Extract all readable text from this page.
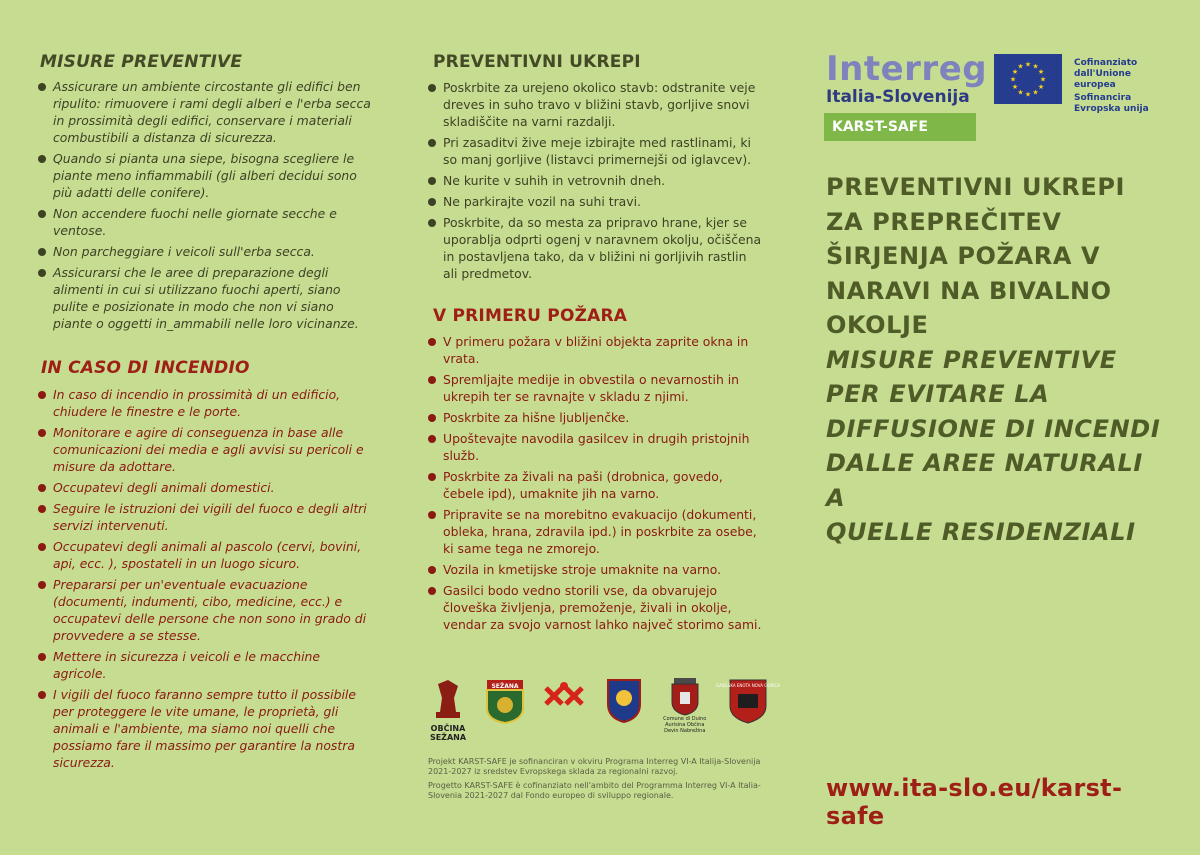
MISURE PREVENTIVE
Assicurare un ambiente circostante gli edifici ben ripulito: rimuovere i rami degli alberi e l'erba secca in prossimità degli edifici, conservare i materiali combustibili a distanza di sicurezza.
Quando si pianta una siepe, bisogna scegliere le piante meno infiammabili (gli alberi decidui sono più adatti delle conifere).
Non accendere fuochi nelle giornate secche e ventose.
Non parcheggiare i veicoli sull'erba secca.
Assicurarsi che le aree di preparazione degli alimenti in cui si utilizzano fuochi aperti, siano pulite e posizionate in modo che non vi siano piante o oggetti in_ammabili nelle loro vicinanze.
IN CASO DI INCENDIO
In caso di incendio in prossimità di un edificio, chiudere le finestre e le porte.
Monitorare e agire di conseguenza in base alle comunicazioni dei media e agli avvisi su pericoli e misure da adottare.
Occupatevi degli animali domestici.
Seguire le istruzioni dei vigili del fuoco e degli altri servizi intervenuti.
Occupatevi degli animali al pascolo (cervi, bovini, api, ecc. ), spostateli in un luogo sicuro.
Prepararsi per un'eventuale evacuazione (documenti, indumenti, cibo, medicine, ecc.) e occupatevi delle persone che non sono in grado di provvedere a se stesse.
Mettere in sicurezza i veicoli e le macchine agricole.
I vigili del fuoco faranno sempre tutto il possibile per proteggere le vite umane, le proprietà, gli animali e l'ambiente, ma siamo noi quelli che possiamo fare il massimo per garantire la nostra sicurezza.
PREVENTIVNI UKREPI
Poskrbite za urejeno okolico stavb: odstranite veje dreves in suho travo v bližini stavb, gorljive snovi skladiščite na varni razdalji.
Pri zasaditvi žive meje izbirajte med rastlinami, ki so manj gorljive (listavci primernejši od iglavcev).
Ne kurite v suhih in vetrovnih dneh.
Ne parkirajte vozil na suhi travi.
Poskrbite, da so mesta za pripravo hrane, kjer se uporablja odprti ogenj v naravnem okolju, očiščena in postavljena tako, da v bližini ni gorljivih rastlin ali predmetov.
V PRIMERU POŽARA
V primeru požara v bližini objekta zaprite okna in vrata.
Spremljajte medije in obvestila o nevarnostih in ukrepih ter se ravnajte v skladu z njimi.
Poskrbite za hišne ljubljenčke.
Upoštevajte navodila gasilcev in drugih pristojnih služb.
Poskrbite za živali na paši (drobnica, govedo, čebele ipd), umaknite jih na varno.
Pripravite se na morebitno evakuacijo (dokumenti, obleka, hrana, zdravila ipd.) in poskrbite za osebe, ki same tega ne zmorejo.
Vozila in kmetijske stroje umaknite na varno.
Gasilci bodo vedno storili vse, da obvarujejo človeška življenja, premoženje, živali in okolje, vendar za svojo varnost lahko največ storimo sami.
OBČINA SEŽANA
SEŽANA
Comune di Duino Aurisina Občina Devin Nabrežina
GASILSKA ENOTA NOVA GORICA

Projekt KARST-SAFE je sofinanciran v okviru Programa Interreg VI-A Italija-Slovenija 2021-2027 iz sredstev Evropskega sklada za regionalni razvoj.

Progetto KARST-SAFE è cofinanziato nell'ambito del Programma Interreg VI-A Italia-Slovenia 2021-2027 dal Fondo europeo di sviluppo regionale.

Interreg
Italia-Slovenija
KARST-SAFE
★ ★
★
★
★
★
★
★
★
★
★
★	Cofinanziato dall'Unione europea
Sofinancira Evropska unija

PREVENTIVNI UKREPI

ZA PREPREČITEV

ŠIRJENJA POŽARA V

NARAVI NA BIVALNO

OKOLJE

MISURE PREVENTIVE

PER EVITARE LA

DIFFUSIONE DI INCENDI

DALLE AREE NATURALI A

QUELLE RESIDENZIALI

www.ita-slo.eu/karst-safe
